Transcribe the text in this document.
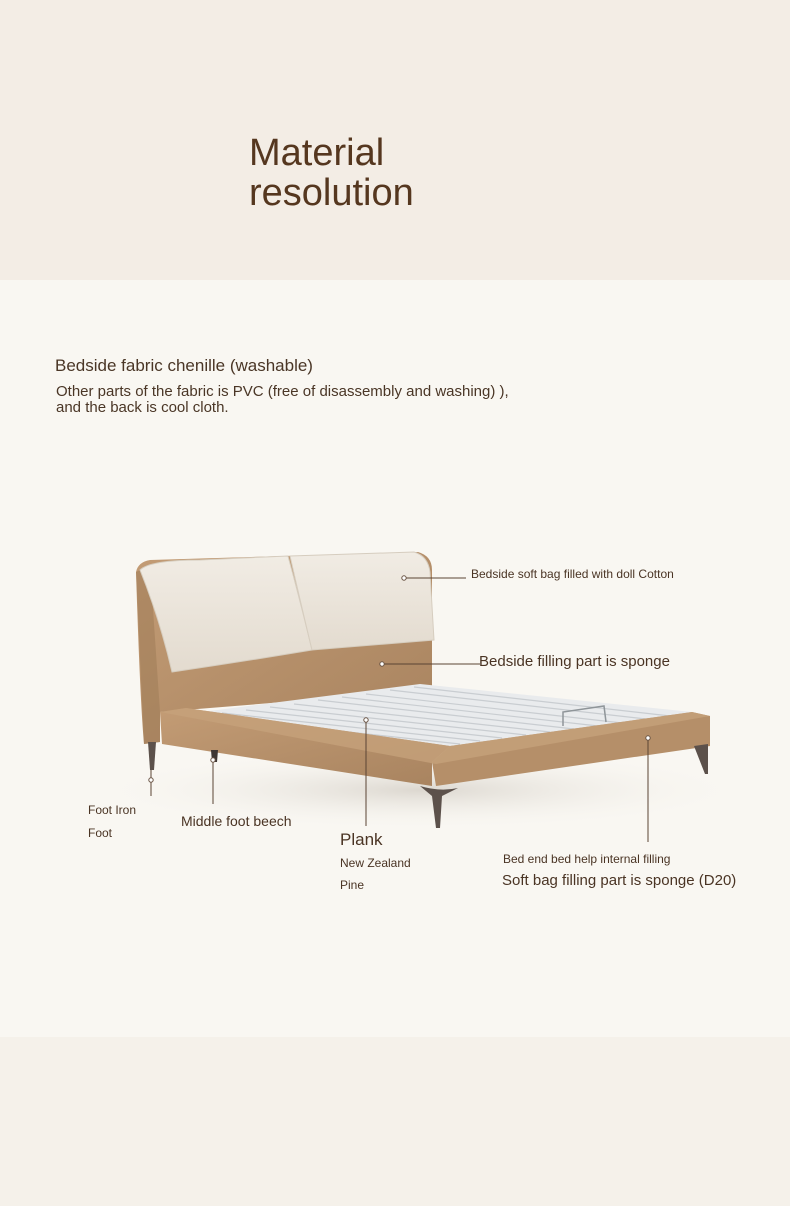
Material
resolution
Bedside fabric chenille (washable)
Other parts of the fabric is PVC (free of disassembly and washing) ),
and the back is cool cloth.
Bedside soft bag filled with doll Cotton
Bedside filling part is sponge
Foot Iron
Foot
Middle foot beech
Plank
New Zealand
Pine
Bed end bed help internal filling
Soft bag filling part is sponge (D20)
